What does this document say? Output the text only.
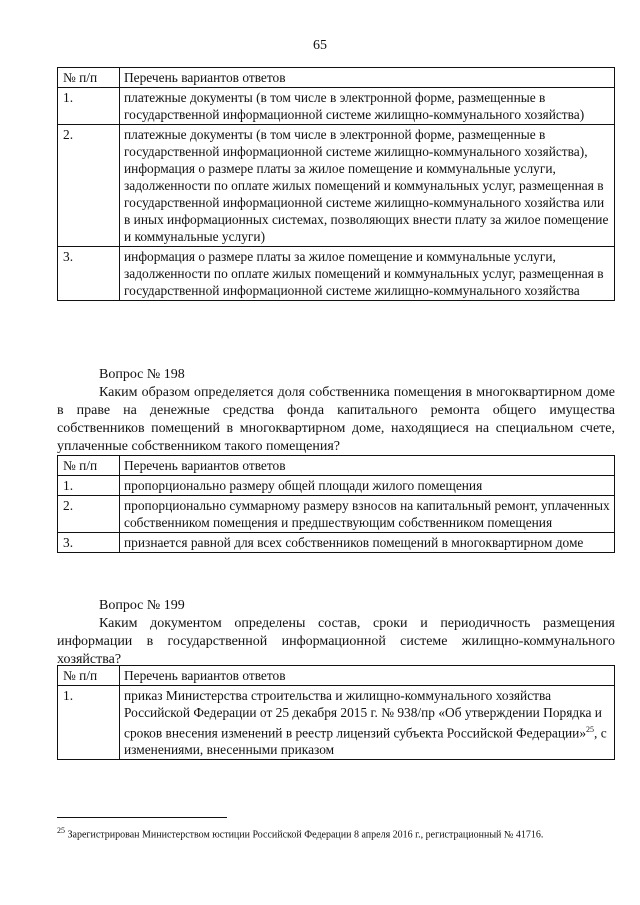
65
№ п/п	Перечень вариантов ответов
1.	платежные документы (в том числе в электронной форме, размещенные в государственной информационной системе жилищно-коммунального хозяйства)
2.	платежные документы (в том числе в электронной форме, размещенные в государственной информационной системе жилищно-коммунального хозяйства), информация о размере платы за жилое помещение и коммунальные услуги, задолженности по оплате жилых помещений и коммунальных услуг, размещенная в государственной информационной системе жилищно-коммунального хозяйства или в иных информационных системах, позволяющих внести плату за жилое помещение и коммунальные услуги)
3.	информация о размере платы за жилое помещение и коммунальные услуги, задолженности по оплате жилых помещений и коммунальных услуг, размещенная в государственной информационной системе жилищно-коммунального хозяйства
Вопрос № 198
Каким образом определяется доля собственника помещения в многоквартирном доме в праве на денежные средства фонда капитального ремонта общего имущества собственников помещений в многоквартирном доме, находящиеся на специальном счете, уплаченные собственником такого помещения?
№ п/п	Перечень вариантов ответов
1.	пропорционально размеру общей площади жилого помещения
2.	пропорционально суммарному размеру взносов на капитальный ремонт, уплаченных собственником помещения и предшествующим собственником помещения
3.	признается равной для всех собственников помещений в многоквартирном доме
Вопрос № 199
Каким документом определены состав, сроки и периодичность размещения информации в государственной информационной системе жилищно-коммунального хозяйства?
№ п/п	Перечень вариантов ответов
1.	приказ Министерства строительства и жилищно-коммунального хозяйства Российской Федерации от 25 декабря 2015 г. № 938/пр «Об утверждении Порядка и сроков внесения изменений в реестр лицензий субъекта Российской Федерации»$^{25}$, с изменениями, внесенными приказом
$^{25}$ Зарегистрирован Министерством юстиции Российской Федерации 8 апреля 2016 г., регистрационный № 41716.
